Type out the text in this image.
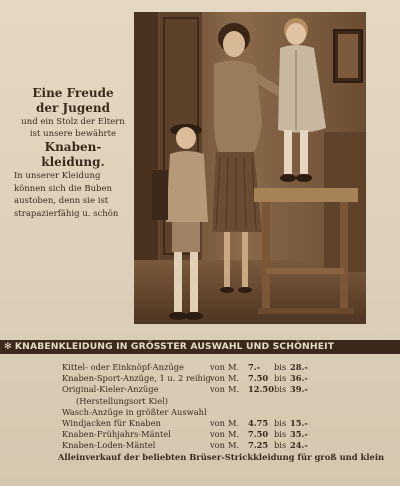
Eine Freude
der Jugend
und ein Stolz der Eltern
ist unsere bewährte
Knaben-
kleidung.
In unserer Kleidung
können sich die Buben
austoben, denn sie ist
strapazierfähig u. schön
✻ KNABENKLEIDUNG IN GRÖSSTER AUSWAHL UND SCHÖNHEIT
Kittel- oder Einknöpf-Anzüge	von M. 7.- bis 28.-
Knaben-Sport-Anzüge, 1 u. 2 reihig von M. 7.50 bis 36.-
Original-Kieler-Anzüge	von M. 12.50 bis 39.-
(Herstellungsort Kiel)
Wasch-Anzüge in größter Auswahl
Windjacken für Knaben	von M. 4.75 bis 15.-
Knaben-Frühjahrs-Mäntel	von M. 7.50 bis 35.-
Knaben-Loden-Mäntel	von M. 7.25 bis 24.-
Alleinverkauf der beliebten Brüser-Strickkleidung für groß und klein
